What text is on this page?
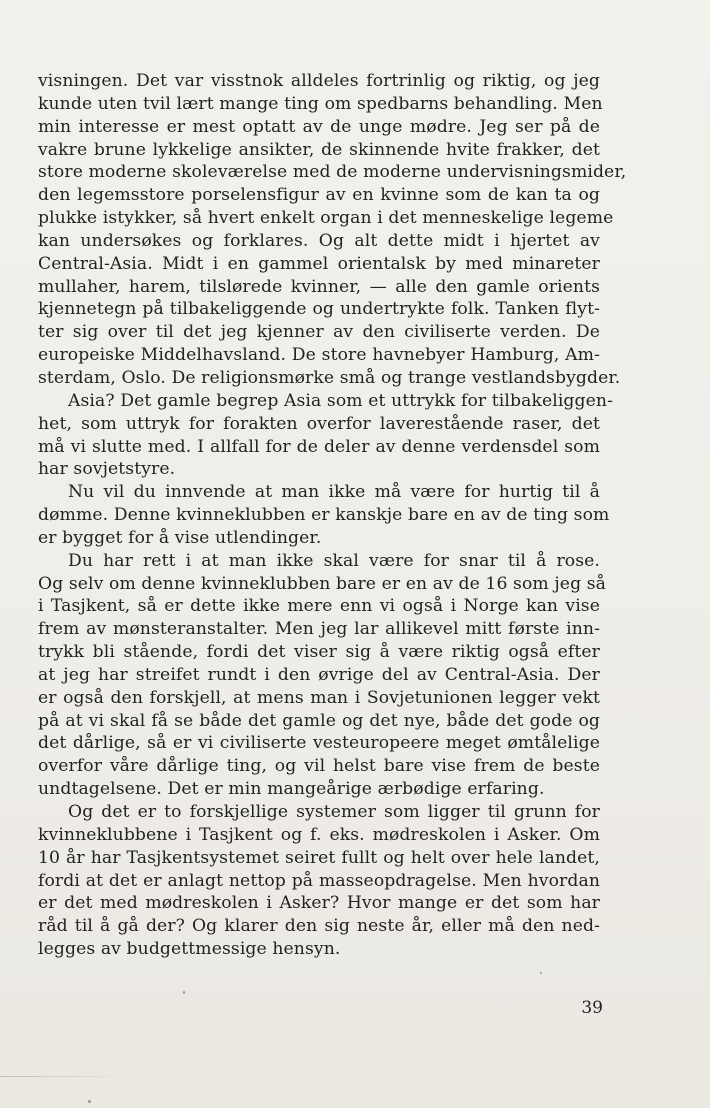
visningen. Det var visstnok alldeles fortrinlig og riktig, og jeg
kunde uten tvil lært mange ting om spedbarns behandling. Men
min interesse er mest optatt av de unge mødre. Jeg ser på de
vakre brune lykkelige ansikter, de skinnende hvite frakker, det
store moderne skoleværelse med de moderne undervisningsmider,
den legemsstore porselensfigur av en kvinne som de kan ta og
plukke istykker, så hvert enkelt organ i det menneskelige legeme
kan undersøkes og forklares. Og alt dette midt i hjertet av
Central-Asia. Midt i en gammel orientalsk by med minareter
mullaher, harem, tilslørede kvinner, — alle den gamle orients
kjennetegn på tilbakeliggende og undertrykte folk. Tanken flyt-
ter sig over til det jeg kjenner av den civiliserte verden. De
europeiske Middelhavsland. De store havnebyer Hamburg, Am-
sterdam, Oslo. De religionsmørke små og trange vestlandsbygder.
Asia? Det gamle begrep Asia som et uttrykk for tilbakeliggen-
het, som uttryk for forakten overfor laverestående raser, det
må vi slutte med. I allfall for de deler av denne verdensdel som
har sovjetstyre.
Nu vil du innvende at man ikke må være for hurtig til å
dømme. Denne kvinneklubben er kanskje bare en av de ting som
er bygget for å vise utlendinger.
Du har rett i at man ikke skal være for snar til å rose.
Og selv om denne kvinneklubben bare er en av de 16 som jeg så
i Tasjkent, så er dette ikke mere enn vi også i Norge kan vise
frem av mønsteranstalter. Men jeg lar allikevel mitt første inn-
trykk bli stående, fordi det viser sig å være riktig også efter
at jeg har streifet rundt i den øvrige del av Central-Asia. Der
er også den forskjell, at mens man i Sovjetunionen legger vekt
på at vi skal få se både det gamle og det nye, både det gode og
det dårlige, så er vi civiliserte vesteuropeere meget ømtålelige
overfor våre dårlige ting, og vil helst bare vise frem de beste
undtagelsene. Det er min mangeårige ærbødige erfaring.
Og det er to forskjellige systemer som ligger til grunn for
kvinneklubbene i Tasjkent og f. eks. mødreskolen i Asker. Om
10 år har Tasjkentsystemet seiret fullt og helt over hele landet,
fordi at det er anlagt nettop på masseopdragelse. Men hvordan
er det med mødreskolen i Asker? Hvor mange er det som har
råd til å gå der? Og klarer den sig neste år, eller må den ned-
legges av budgettmessige hensyn.
39
